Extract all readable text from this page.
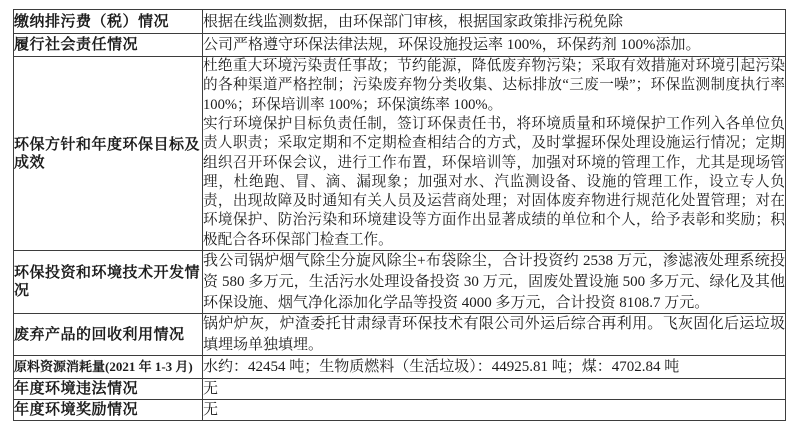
缴纳排污费（税）情况	根据在线监测数据，由环保部门审核，根据国家政策排污税免除

履行社会责任情况	公司严格遵守环保法律法规，环保设施投运率 100%，环保药剂 100%添加。

环保方针和年度环保目标及成效	杜绝重大环境污染责任事故；节约能源，降低废弃物污染；采取有效措施对环境引起污染的各种渠道严格控制；污染废弃物分类收集、达标排放“三废一噪”；环保监测制度执行率 100%；环保培训率 100%；环保演练率 100%。

实行环境保护目标负责任制，签订环保责任书，将环境质量和环境保护工作列入各单位负责人职责；采取定期和不定期检查相结合的方式，及时掌握环保处理设施运行情况；定期组织召开环保会议，进行工作布置，环保培训等，加强对环境的管理工作，尤其是现场管理，杜绝跑、冒、滴、漏现象；加强对水、汽监测设备、设施的管理工作，设立专人负责，出现故障及时通知有关人员及运营商处理；对固体废弃物进行规范化处置管理；对在环境保护、防治污染和环境建设等方面作出显著成绩的单位和个人，给予表彰和奖励；积极配合各环保部门检查工作。

环保投资和环境技术开发情况	我公司锅炉烟气除尘分旋风除尘+布袋除尘，合计投资约 2538 万元，渗滤液处理系统投资 580 多万元，生活污水处理设备投资 30 万元，固废处置设施 500 多万元、绿化及其他环保设施、烟气净化添加化学品等投资 4000 多万元，合计投资 8108.7 万元。

废弃产品的回收利用情况	锅炉炉灰，炉渣委托甘肃绿青环保技术有限公司外运后综合再利用。飞灰固化后运垃圾填埋场单独填埋。

原料资源消耗量(2021 年 1-3 月)	水约：42454 吨；生物质燃料（生活垃圾）：44925.81 吨；煤：4702.84 吨

年度环境违法情况	无

年度环境奖励情况	无
